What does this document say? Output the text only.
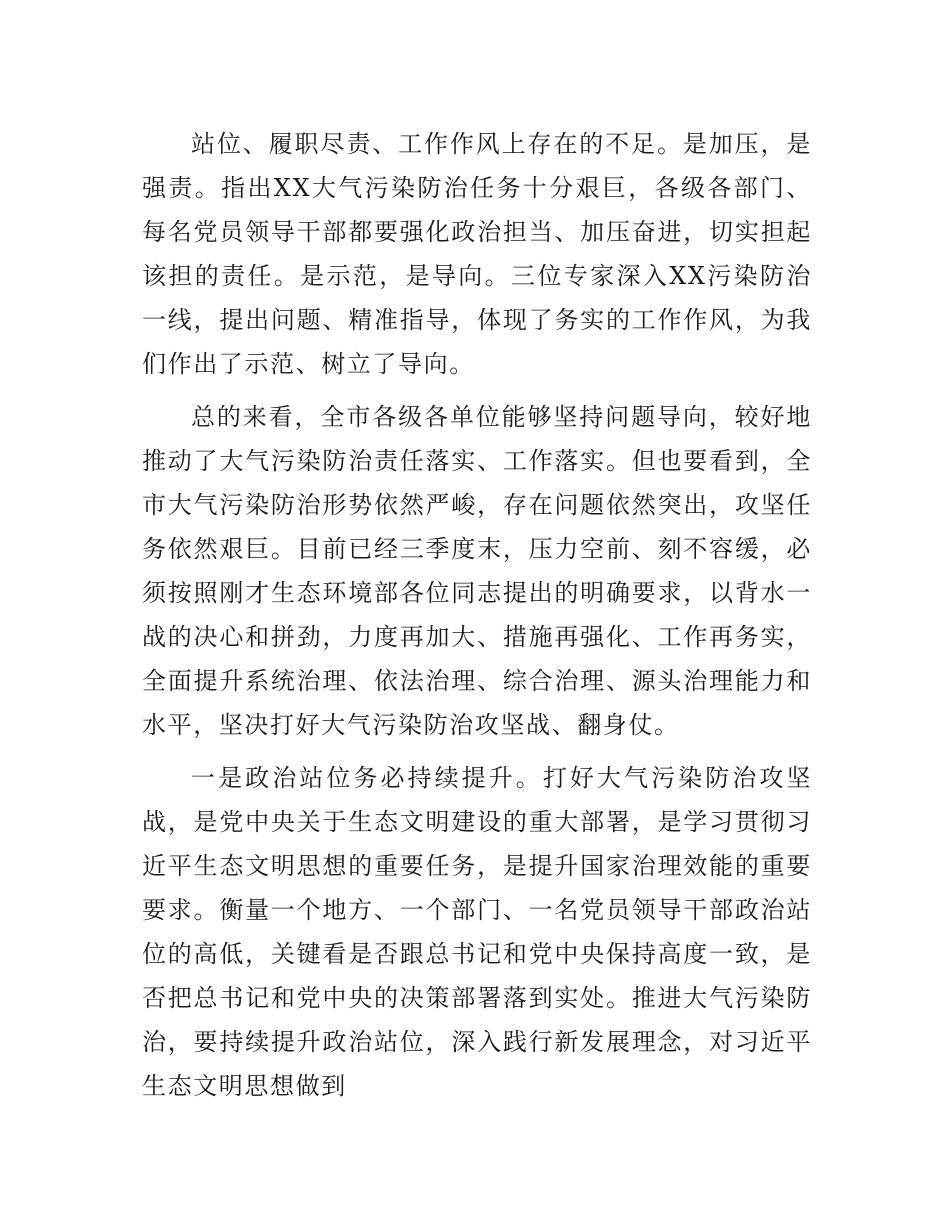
站位、履职尽责、工作作风上存在的不足。是加压，是强责。指出XX大气污染防治任务十分艰巨，各级各部门、每名党员领导干部都要强化政治担当、加压奋进，切实担起该担的责任。是示范，是导向。三位专家深入XX污染防治一线，提出问题、精准指导，体现了务实的工作作风，为我们作出了示范、树立了导向。

总的来看，全市各级各单位能够坚持问题导向，较好地推动了大气污染防治责任落实、工作落实。但也要看到，全市大气污染防治形势依然严峻，存在问题依然突出，攻坚任务依然艰巨。目前已经三季度末，压力空前、刻不容缓，必须按照刚才生态环境部各位同志提出的明确要求，以背水一战的决心和拼劲，力度再加大、措施再强化、工作再务实，全面提升系统治理、依法治理、综合治理、源头治理能力和水平，坚决打好大气污染防治攻坚战、翻身仗。

一是政治站位务必持续提升。打好大气污染防治攻坚战，是党中央关于生态文明建设的重大部署，是学习贯彻习近平生态文明思想的重要任务，是提升国家治理效能的重要要求。衡量一个地方、一个部门、一名党员领导干部政治站位的高低，关键看是否跟总书记和党中央保持高度一致，是否把总书记和党中央的决策部署落到实处。推进大气污染防治，要持续提升政治站位，深入践行新发展理念，对习近平生态文明思想做到
